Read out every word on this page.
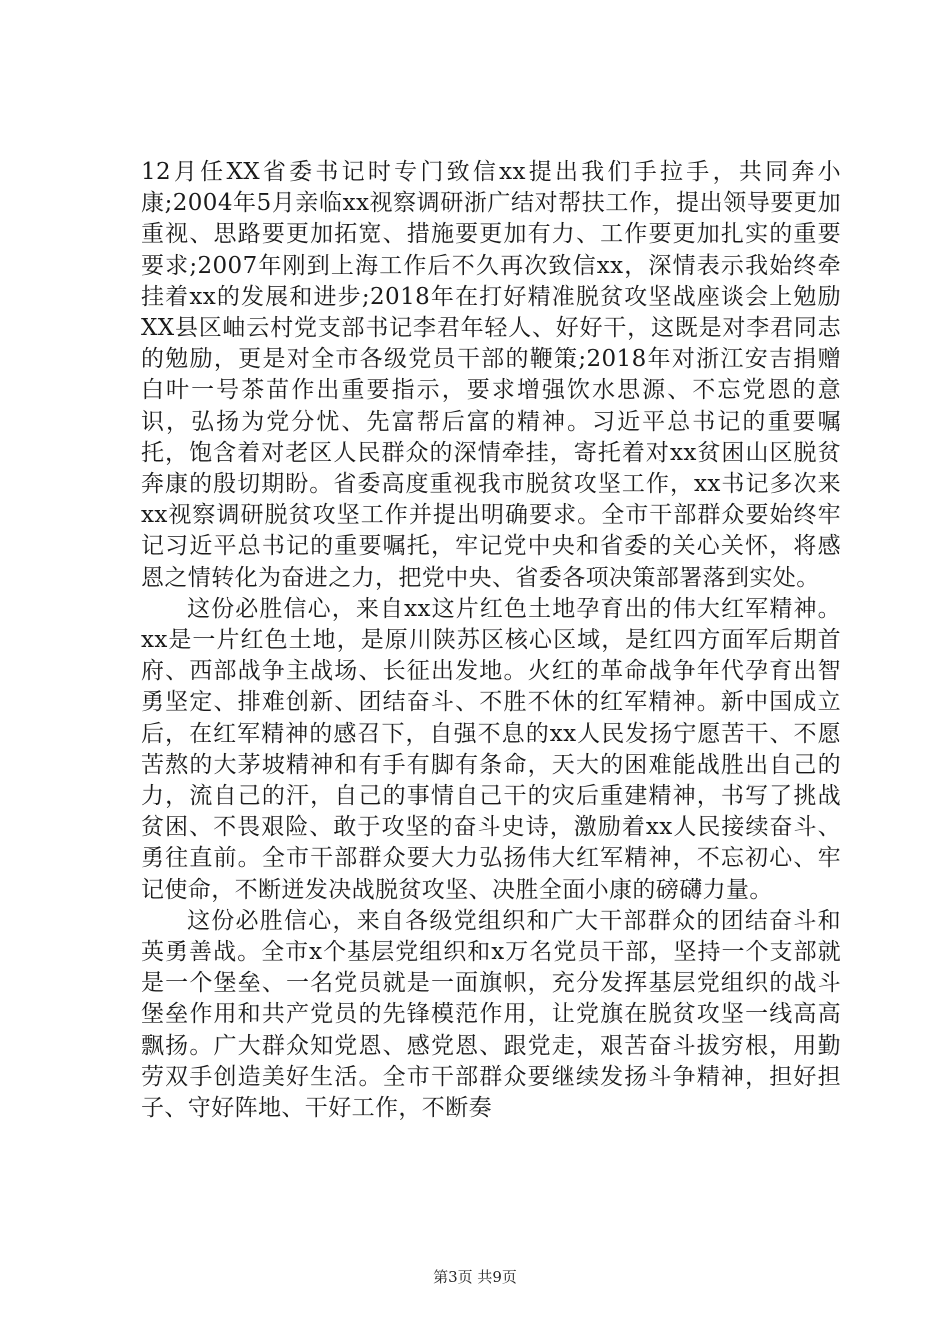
12月任XX省委书记时专门致信xx提出我们手拉手，共同奔小康;2004年5月亲临xx视察调研浙广结对帮扶工作，提出领导要更加重视、思路要更加拓宽、措施要更加有力、工作要更加扎实的重要要求;2007年刚到上海工作后不久再次致信xx，深情表示我始终牵挂着xx的发展和进步;2018年在打好精准脱贫攻坚战座谈会上勉励XX县区岫云村党支部书记李君年轻人、好好干，这既是对李君同志的勉励，更是对全市各级党员干部的鞭策;2018年对浙江安吉捐赠白叶一号茶苗作出重要指示，要求增强饮水思源、不忘党恩的意识，弘扬为党分忧、先富帮后富的精神。习近平总书记的重要嘱托，饱含着对老区人民群众的深情牵挂，寄托着对xx贫困山区脱贫奔康的殷切期盼。省委高度重视我市脱贫攻坚工作，xx书记多次来xx视察调研脱贫攻坚工作并提出明确要求。全市干部群众要始终牢记习近平总书记的重要嘱托，牢记党中央和省委的关心关怀，将感恩之情转化为奋进之力，把党中央、省委各项决策部署落到实处。

这份必胜信心，来自xx这片红色土地孕育出的伟大红军精神。xx是一片红色土地，是原川陕苏区核心区域，是红四方面军后期首府、西部战争主战场、长征出发地。火红的革命战争年代孕育出智勇坚定、排难创新、团结奋斗、不胜不休的红军精神。新中国成立后，在红军精神的感召下，自强不息的xx人民发扬宁愿苦干、不愿苦熬的大茅坡精神和有手有脚有条命，天大的困难能战胜出自己的力，流自己的汗，自己的事情自己干的灾后重建精神，书写了挑战贫困、不畏艰险、敢于攻坚的奋斗史诗，激励着xx人民接续奋斗、勇往直前。全市干部群众要大力弘扬伟大红军精神，不忘初心、牢记使命，不断迸发决战脱贫攻坚、决胜全面小康的磅礴力量。

这份必胜信心，来自各级党组织和广大干部群众的团结奋斗和英勇善战。全市x个基层党组织和x万名党员干部，坚持一个支部就是一个堡垒、一名党员就是一面旗帜，充分发挥基层党组织的战斗堡垒作用和共产党员的先锋模范作用，让党旗在脱贫攻坚一线高高飘扬。广大群众知党恩、感党恩、跟党走，艰苦奋斗拔穷根，用勤劳双手创造美好生活。全市干部群众要继续发扬斗争精神，担好担子、守好阵地、干好工作，不断奏

第3页 共9页
